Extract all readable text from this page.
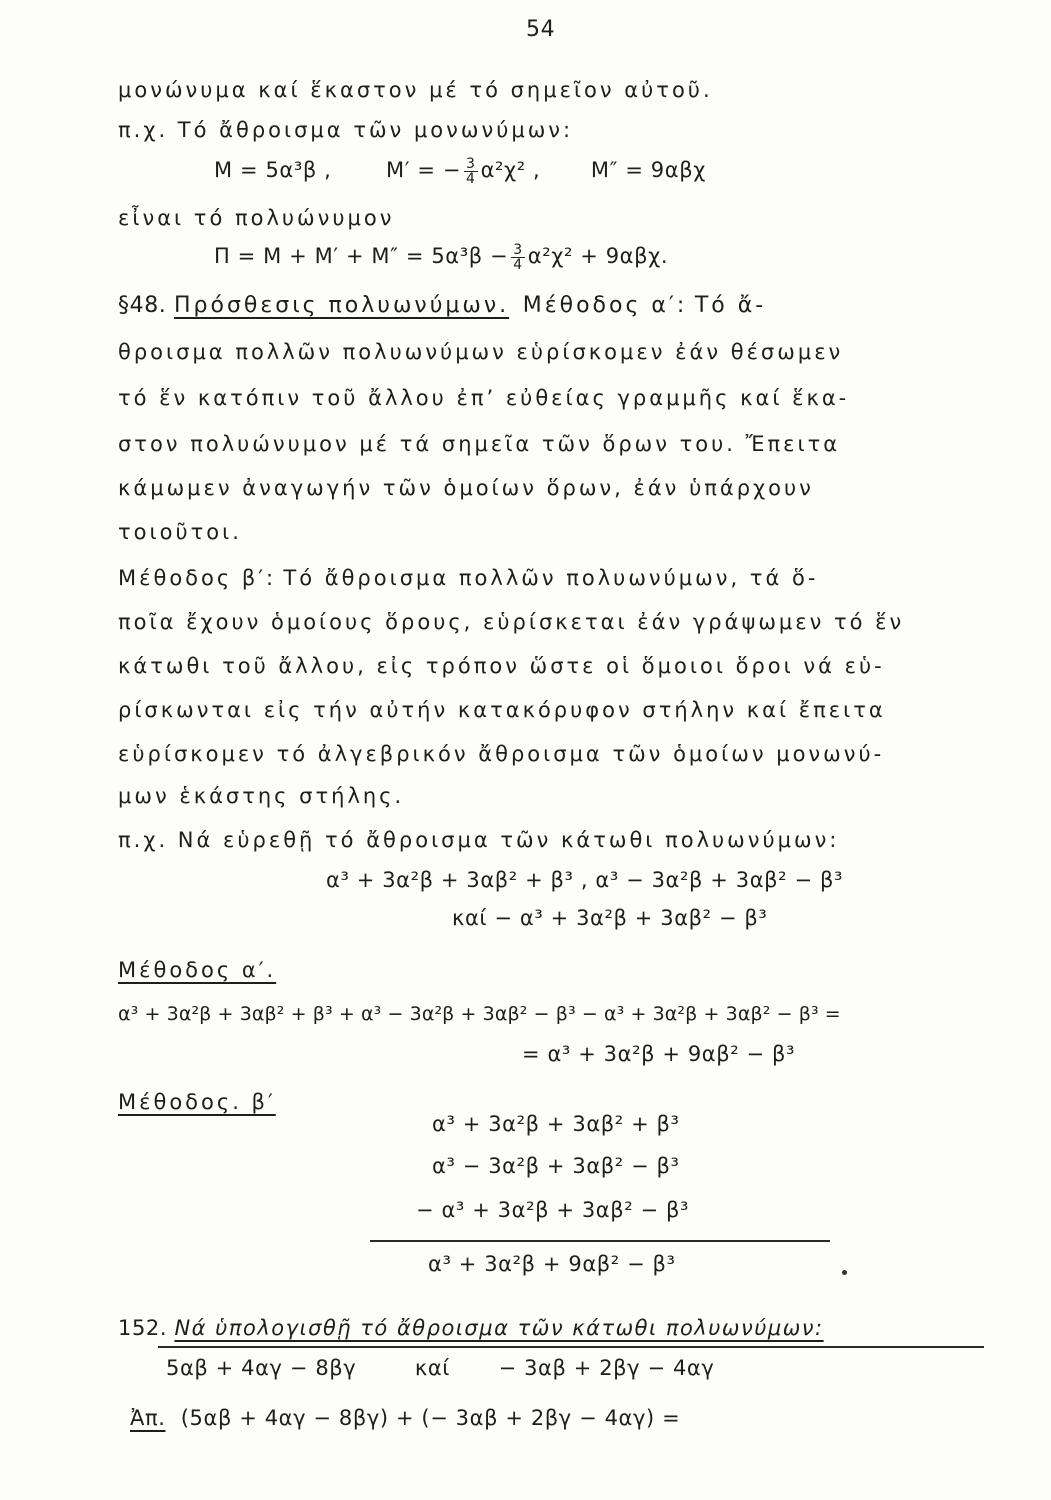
54
μονώνυμα καί ἕκαστον μέ τό σημεῖον αὐτοῦ.
π.χ. Τό ἄθροισμα τῶν μονωνύμων:
Μ = 5α³β ,	Μ′ = − $\frac{3}{4} \alpha^2\chi^2$ , Μ″ = 9αβχ
εἶναι τό πολυώνυμον
$\Pi = M + M' + M'' = 5\alpha^3\beta - \frac{3}{4} \alpha^2\chi^2 + 9\alpha\beta\chi$.
§48. Πρόσθεσις πολυωνύμων. Μέθοδος α′: Τό ἄ-
θροισμα πολλῶν πολυωνύμων εὑρίσκομεν ἐάν θέσωμεν
τό ἕν κατόπιν τοῦ ἄλλου ἐπ’ εὐθείας γραμμῆς καί ἕκα-
στον πολυώνυμον μέ τά σημεῖα τῶν ὅρων του. Ἔπειτα
κάμωμεν ἀναγωγήν τῶν ὁμοίων ὅρων, ἐάν ὑπάρχουν
τοιοῦτοι.
Μέθοδος β′: Τό ἄθροισμα πολλῶν πολυωνύμων, τά ὅ-
ποῖα ἔχουν ὁμοίους ὅρους, εὑρίσκεται ἐάν γράψωμεν τό ἕν
κάτωθι τοῦ ἄλλου, εἰς τρόπον ὥστε οἱ ὅμοιοι ὅροι νά εὑ-
ρίσκωνται εἰς τήν αὐτήν κατακόρυφον στήλην καί ἔπειτα
εὑρίσκομεν τό ἀλγεβρικόν ἄθροισμα τῶν ὁμοίων μονωνύ-
μων ἑκάστης στήλης.
π.χ. Νά εὑρεθῇ τό ἄθροισμα τῶν κάτωθι πολυωνύμων:
α³ + 3α²β + 3αβ² + β³ , α³ − 3α²β + 3αβ² − β³
καί − α³ + 3α²β + 3αβ² − β³
Μέθοδος α′.
α³ + 3α²β + 3αβ² + β³ + α³ − 3α²β + 3αβ² − β³ − α³ + 3α²β + 3αβ² − β³ =
= α³ + 3α²β + 9αβ² − β³
Μέθοδος. β′
α³ + 3α²β + 3αβ² + β³
α³ − 3α²β + 3αβ² − β³
− α³ + 3α²β + 3αβ² − β³
α³ + 3α²β + 9αβ² − β³
152. Νά ὑπολογισθῇ τό ἄθροισμα τῶν κάτωθι πολυωνύμων:
5αβ + 4αγ − 8βγ	καί − 3αβ + 2βγ − 4αγ
Ἀπ. (5αβ + 4αγ − 8βγ) + (− 3αβ + 2βγ − 4αγ) =
